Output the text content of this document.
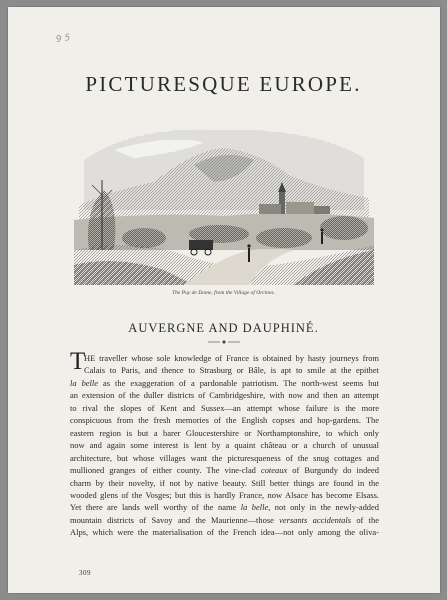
9 5
PICTURESQUE EUROPE.
The Puy de Dome, from the Village of Orcines.
AUVERGNE AND DAUPHINÉ.
T
HE traveller whose sole knowledge of France is obtained by hasty journeys from
Calais to Paris, and thence to Strasburg or Bâle, is apt to smile at the epithet
la belle as the exaggeration of a pardonable patriotism. The north-west seems but
an extension of the duller districts of Cambridgeshire, with now and then an attempt
to rival the slopes of Kent and Sussex—an attempt whose failure is the more
conspicuous from the fresh memories of the English copses and hop-gardens. The
eastern region is but a barer Gloucestershire or Northamptonshire, to which only
now and again some interest is lent by a quaint château or a church of unusual
architecture, but whose villages want the picturesqueness of the snug cottages and
mullioned granges of either county. The vine-clad coteaux of Burgundy do indeed
charm by their novelty, if not by native beauty. Still better things are found in the
wooded glens of the Vosges; but this is hardly France, now Alsace has become Elsass.
Yet there are lands well worthy of the name la belle, not only in the newly-added
mountain districts of Savoy and the Maurienne—those versants accidentals of the
Alps, which were the materialisation of the French idea—not only among the oliva-
309
